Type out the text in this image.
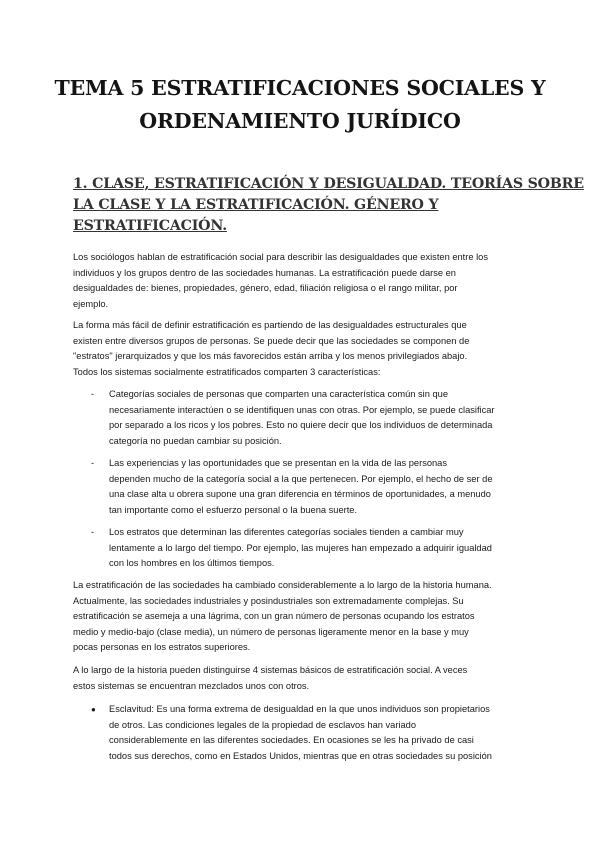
TEMA 5 ESTRATIFICACIONES SOCIALES Y
ORDENAMIENTO JURÍDICO
1. CLASE, ESTRATIFICACIÓN Y DESIGUALDAD. TEORÍAS SOBRE
LA CLASE Y LA ESTRATIFICACIÓN. GÉNERO Y
ESTRATIFICACIÓN.

Los sociólogos hablan de estratificación social para describir las desigualdades que existen entre los
individuos y los grupos dentro de las sociedades humanas. La estratificación puede darse en
desigualdades de: bienes, propiedades, género, edad, filiación religiosa o el rango militar, por
ejemplo.

La forma más fácil de definir estratificación es partiendo de las desigualdades estructurales que
existen entre diversos grupos de personas. Se puede decir que las sociedades se componen de
"estratos" jerarquizados y que los más favorecidos están arriba y los menos privilegiados abajo.
Todos los sistemas socialmente estratificados comparten 3 características:

- Categorías sociales de personas que comparten una característica común sin que
necesariamente interactúen o se identifiquen unas con otras. Por ejemplo, se puede clasificar
por separado a los ricos y los pobres. Esto no quiere decir que los individuos de determinada
categoría no puedan cambiar su posición.
- Las experiencias y las oportunidades que se presentan en la vida de las personas
dependen mucho de la categoría social a la que pertenecen. Por ejemplo, el hecho de ser de
una clase alta u obrera supone una gran diferencia en términos de oportunidades, a menudo
tan importante como el esfuerzo personal o la buena suerte.
- Los estratos que determinan las diferentes categorías sociales tienden a cambiar muy
lentamente a lo largo del tiempo. Por ejemplo, las mujeres han empezado a adquirir igualdad
con los hombres en los últimos tiempos.

La estratificación de las sociedades ha cambiado considerablemente a lo largo de la historia humana.
Actualmente, las sociedades industriales y posindustriales son extremadamente complejas. Su
estratificación se asemeja a una lágrima, con un gran número de personas ocupando los estratos
medio y medio-bajo (clase media), un número de personas ligeramente menor en la base y muy
pocas personas en los estratos superiores.

A lo largo de la historia pueden distinguirse 4 sistemas básicos de estratificación social. A veces
estos sistemas se encuentran mezclados unos con otros.

● Esclavitud: Es una forma extrema de desigualdad en la que unos individuos son propietarios
de otros. Las condiciones legales de la propiedad de esclavos han variado
considerablemente en las diferentes sociedades. En ocasiones se les ha privado de casi
todos sus derechos, como en Estados Unidos, mientras que en otras sociedades su posición
